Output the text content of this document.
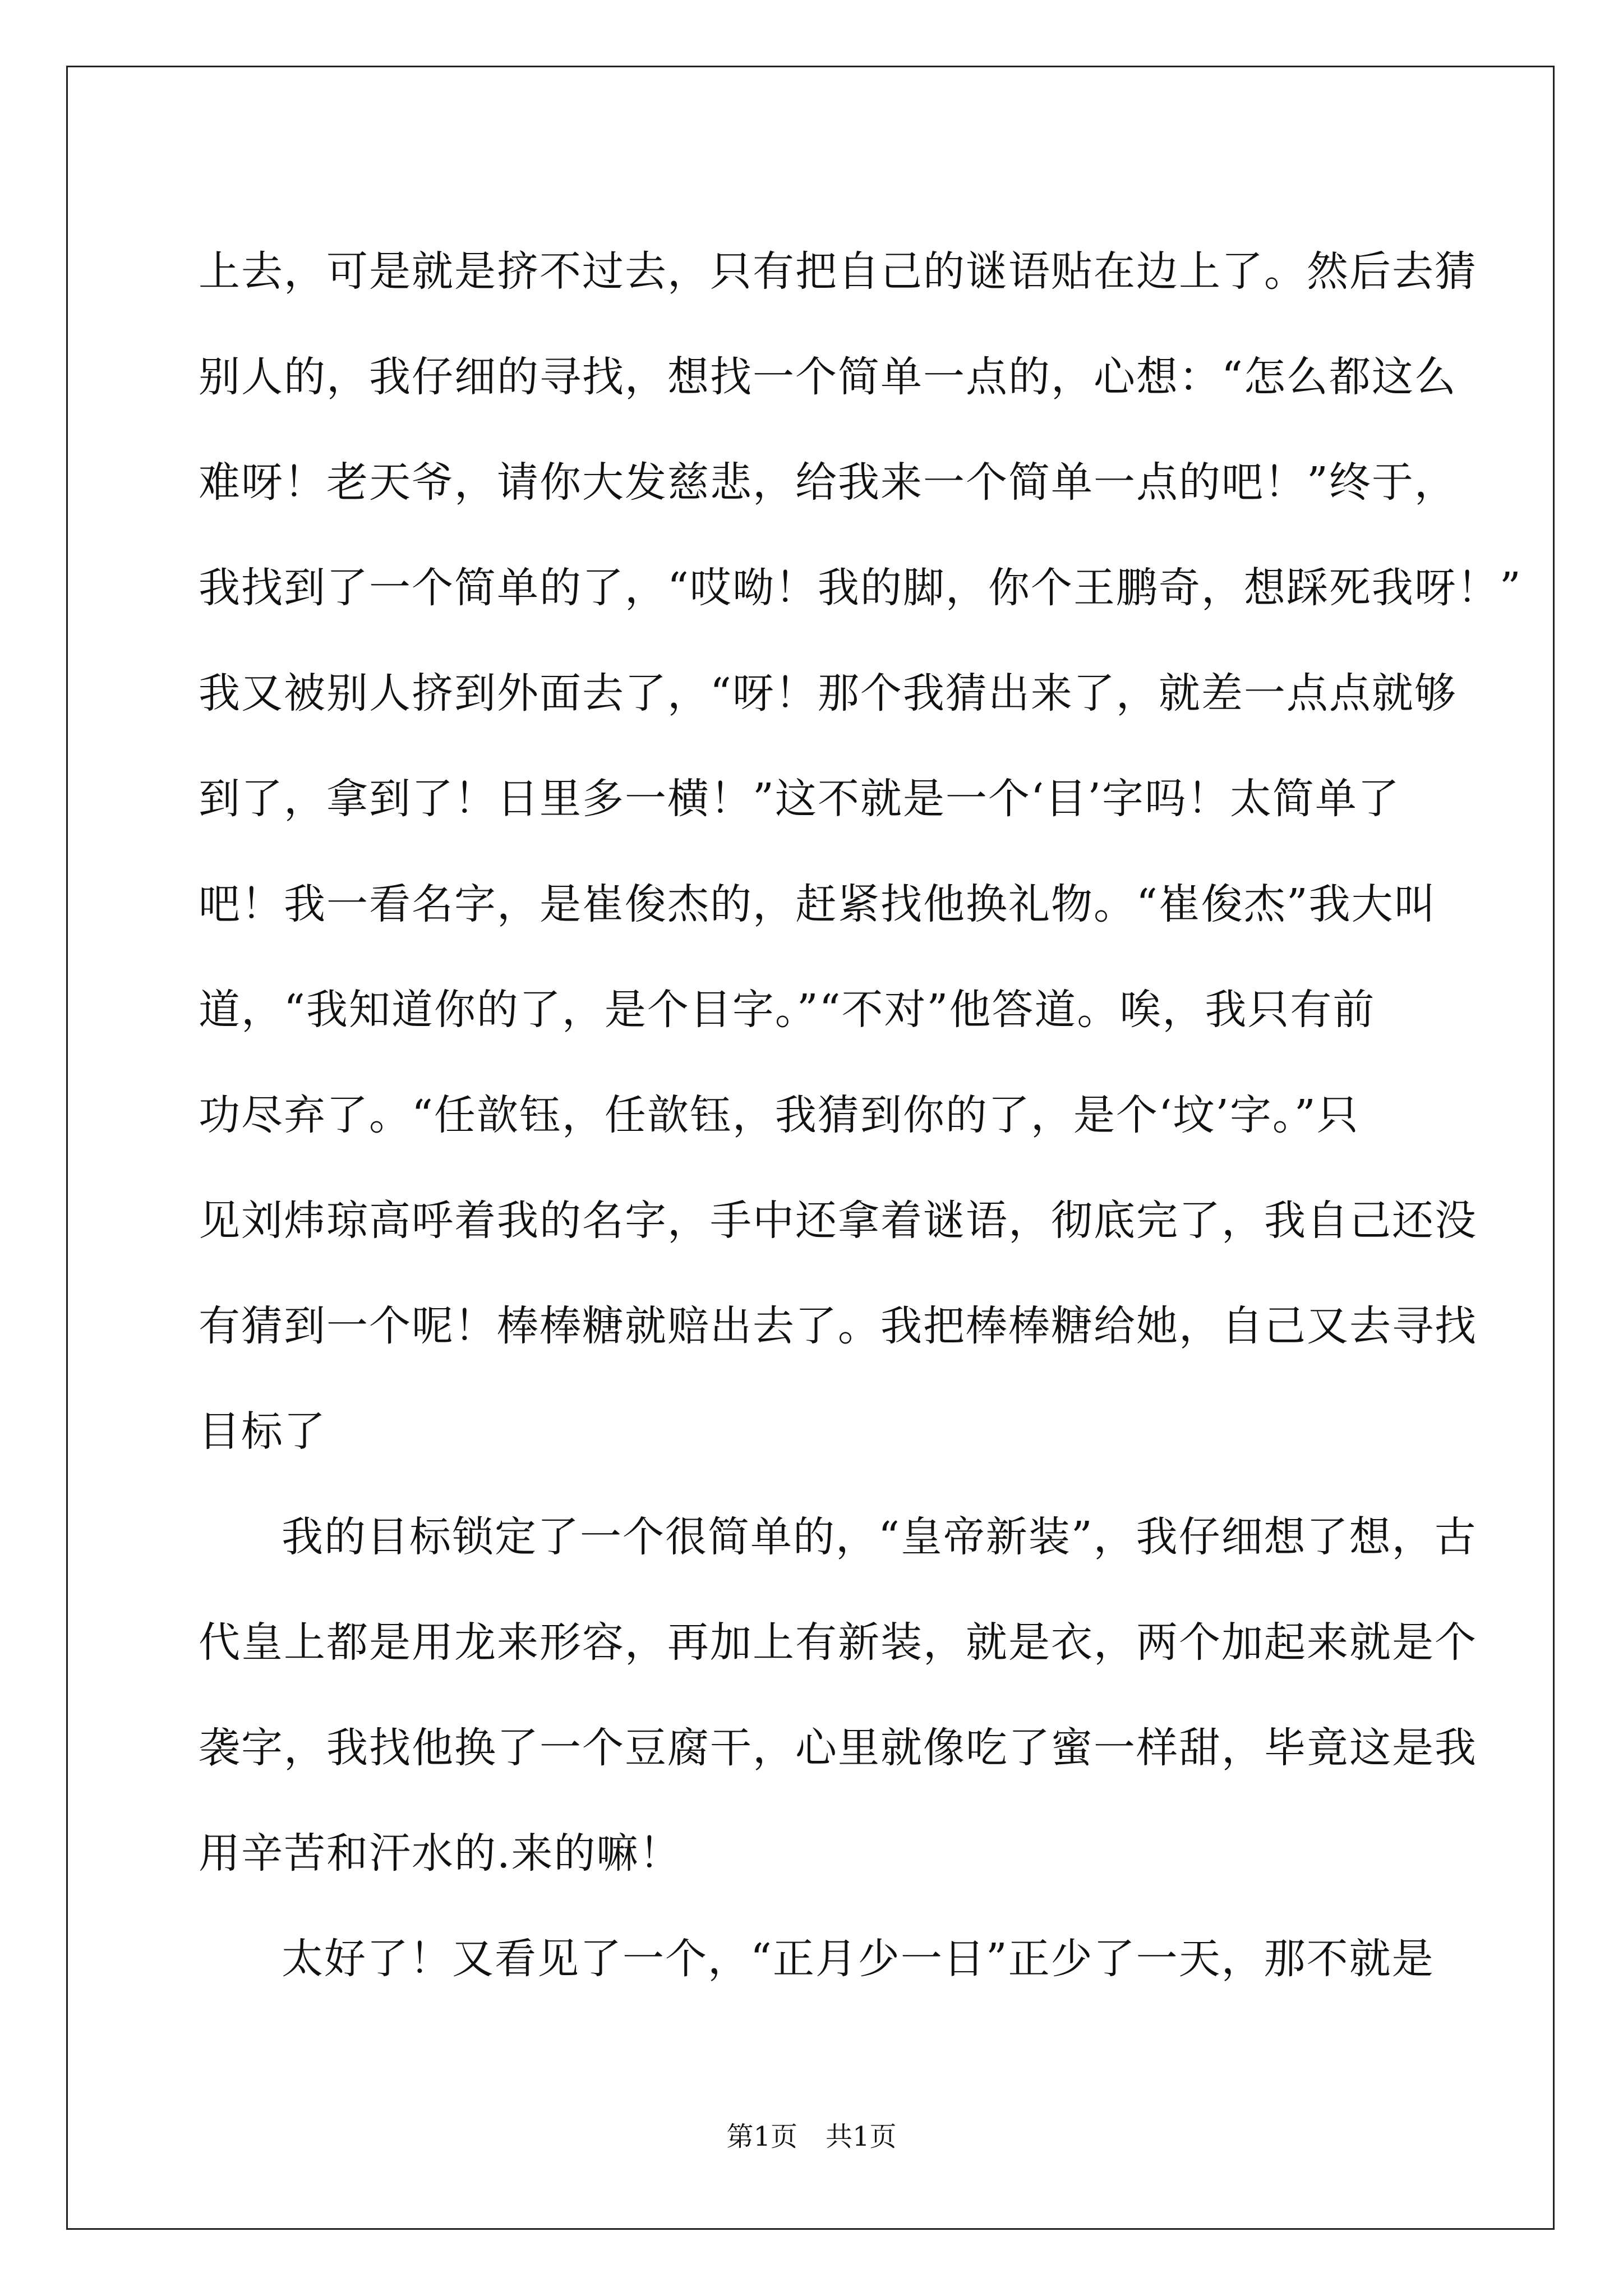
上去，可是就是挤不过去，只有把自己的谜语贴在边上了。然后去猜
别人的，我仔细的寻找，想找一个简单一点的，心想：“怎么都这么
难呀！老天爷，请你大发慈悲，给我来一个简单一点的吧！”终于，
我找到了一个简单的了，“哎呦！我的脚，你个王鹏奇，想踩死我呀！”
我又被别人挤到外面去了，“呀！那个我猜出来了，就差一点点就够
到了，拿到了！日里多一横！”这不就是一个‘目’字吗！太简单了
吧！我一看名字，是崔俊杰的，赶紧找他换礼物。“崔俊杰”我大叫
道，“我知道你的了，是个目字。”“不对”他答道。唉，我只有前
功尽弃了。“任歆钰，任歆钰，我猜到你的了，是个‘坟’字。”只
见刘炜琼高呼着我的名字，手中还拿着谜语，彻底完了，我自己还没
有猜到一个呢！棒棒糖就赔出去了。我把棒棒糖给她，自己又去寻找
目标了
我的目标锁定了一个很简单的，“皇帝新装”，我仔细想了想，古
代皇上都是用龙来形容，再加上有新装，就是衣，两个加起来就是个
袭字，我找他换了一个豆腐干，心里就像吃了蜜一样甜，毕竟这是我
用辛苦和汗水的.来的嘛！
太好了！又看见了一个，“正月少一日”正少了一天，那不就是
第1页 共1页
